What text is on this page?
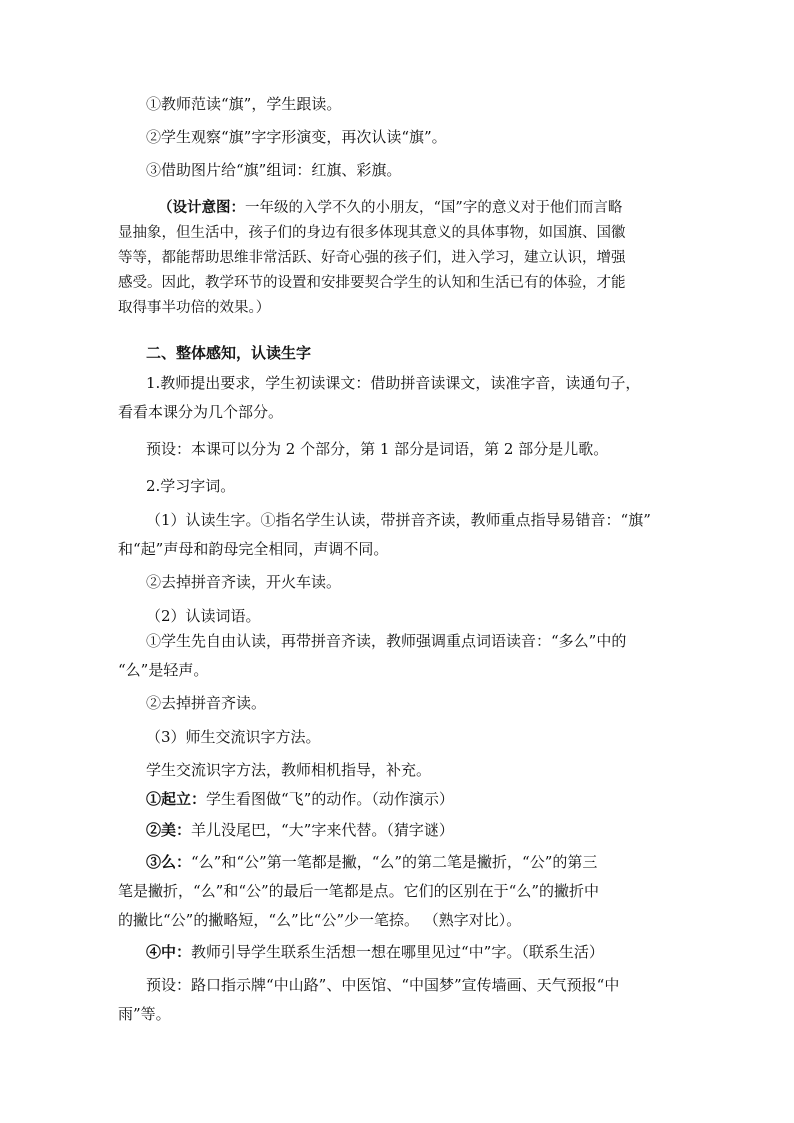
①教师范读“旗”，学生跟读。
②学生观察“旗”字字形演变，再次认读“旗”。
③借助图片给“旗”组词：红旗、彩旗。
（设计意图：一年级的入学不久的小朋友，“国”字的意义对于他们而言略
显抽象，但生活中，孩子们的身边有很多体现其意义的具体事物，如国旗、国徽
等等，都能帮助思维非常活跃、好奇心强的孩子们，进入学习，建立认识，增强
感受。因此，教学环节的设置和安排要契合学生的认知和生活已有的体验，才能
取得事半功倍的效果。）
二、整体感知，认读生字
1.教师提出要求，学生初读课文：借助拼音读课文，读准字音，读通句子，
看看本课分为几个部分。
预设：本课可以分为 2 个部分，第 1 部分是词语，第 2 部分是儿歌。
2.学习字词。
（1）认读生字。①指名学生认读，带拼音齐读，教师重点指导易错音：“旗”
和“起”声母和韵母完全相同，声调不同。
②去掉拼音齐读，开火车读。
（2）认读词语。
①学生先自由认读，再带拼音齐读，教师强调重点词语读音：“多么”中的
“么”是轻声。
②去掉拼音齐读。
（3）师生交流识字方法。
学生交流识字方法，教师相机指导，补充。
①起立：学生看图做“飞”的动作。（动作演示）
②美：羊儿没尾巴，“大”字来代替。（猜字谜）
③么：“么”和“公”第一笔都是撇，“么”的第二笔是撇折，“公”的第三
笔是撇折，“么”和“公”的最后一笔都是点。它们的区别在于“么”的撇折中
的撇比“公”的撇略短，“么”比“公”少一笔捺。 （熟字对比）。
④中：教师引导学生联系生活想一想在哪里见过“中”字。（联系生活）
预设：路口指示牌“中山路”、中医馆、“中国梦”宣传墙画、天气预报“中
雨”等。
